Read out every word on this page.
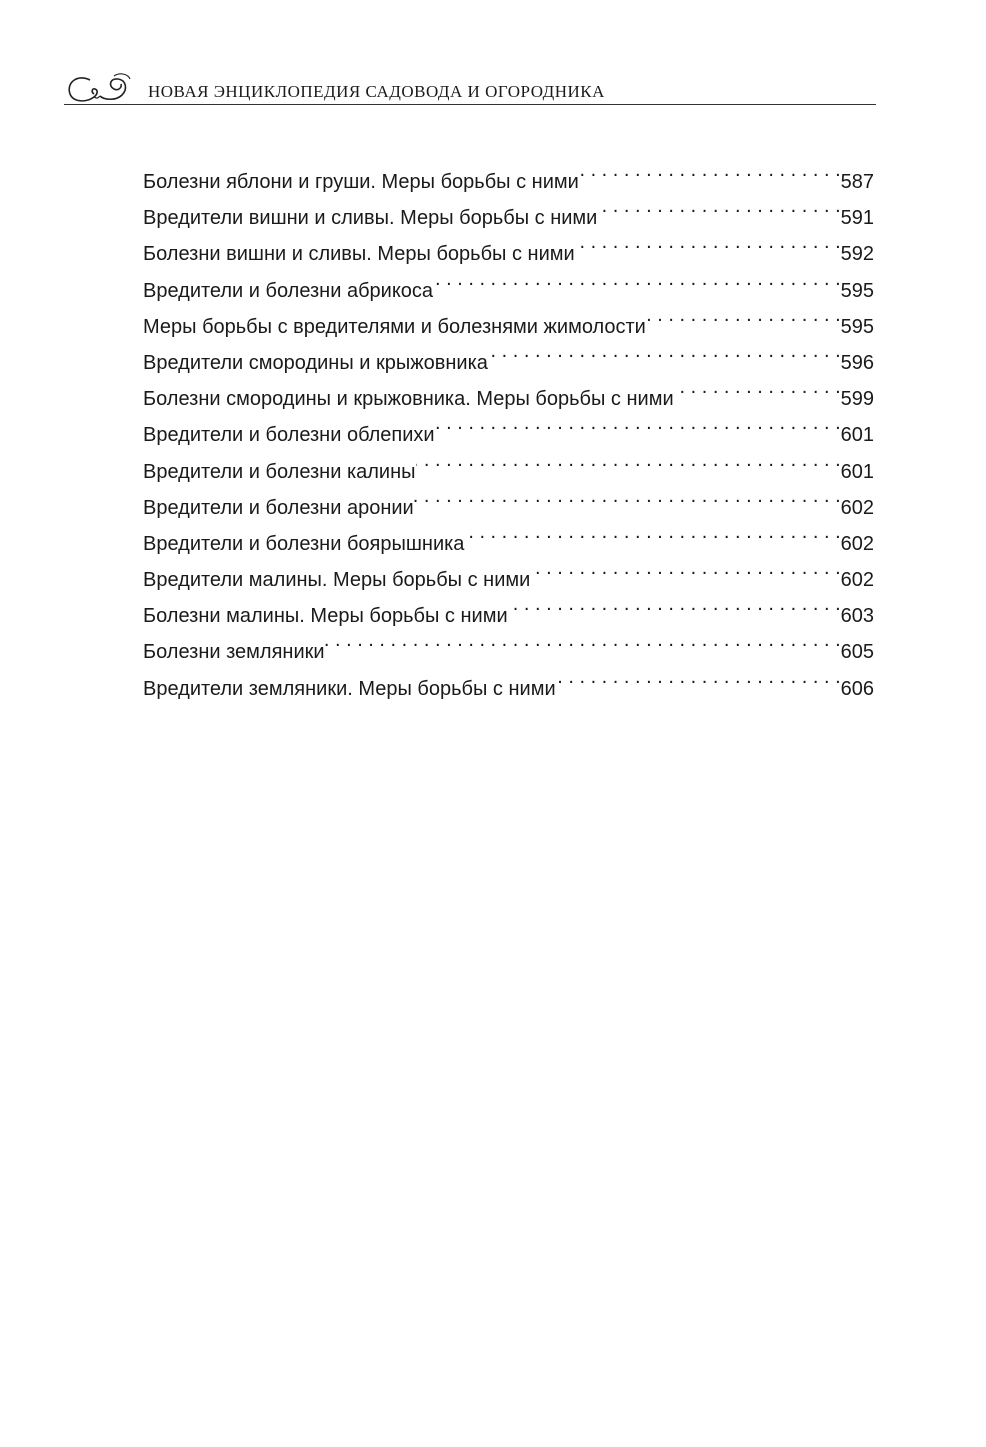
НОВАЯ ЭНЦИКЛОПЕДИЯ САДОВОДА И ОГОРОДНИКА
Болезни яблони и груши. Меры борьбы с ними . . .	587
Вредители вишни и сливы. Меры борьбы с ними . . .	591
Болезни вишни и сливы. Меры борьбы с ними . . .	592
Вредители и болезни абрикоса . . .	595
Меры борьбы с вредителями и болезнями жимолости . . .	595
Вредители смородины и крыжовника . . .	596
Болезни смородины и крыжовника. Меры борьбы с ними . . .	599
Вредители и болезни облепихи . . .	601
Вредители и болезни калины . . .	601
Вредители и болезни аронии . . .	602
Вредители и болезни боярышника . . .	602
Вредители малины. Меры борьбы с ними . . .	602
Болезни малины. Меры борьбы с ними . . .	603
Болезни земляники . . .	605
Вредители земляники. Меры борьбы с ними . . .	606
